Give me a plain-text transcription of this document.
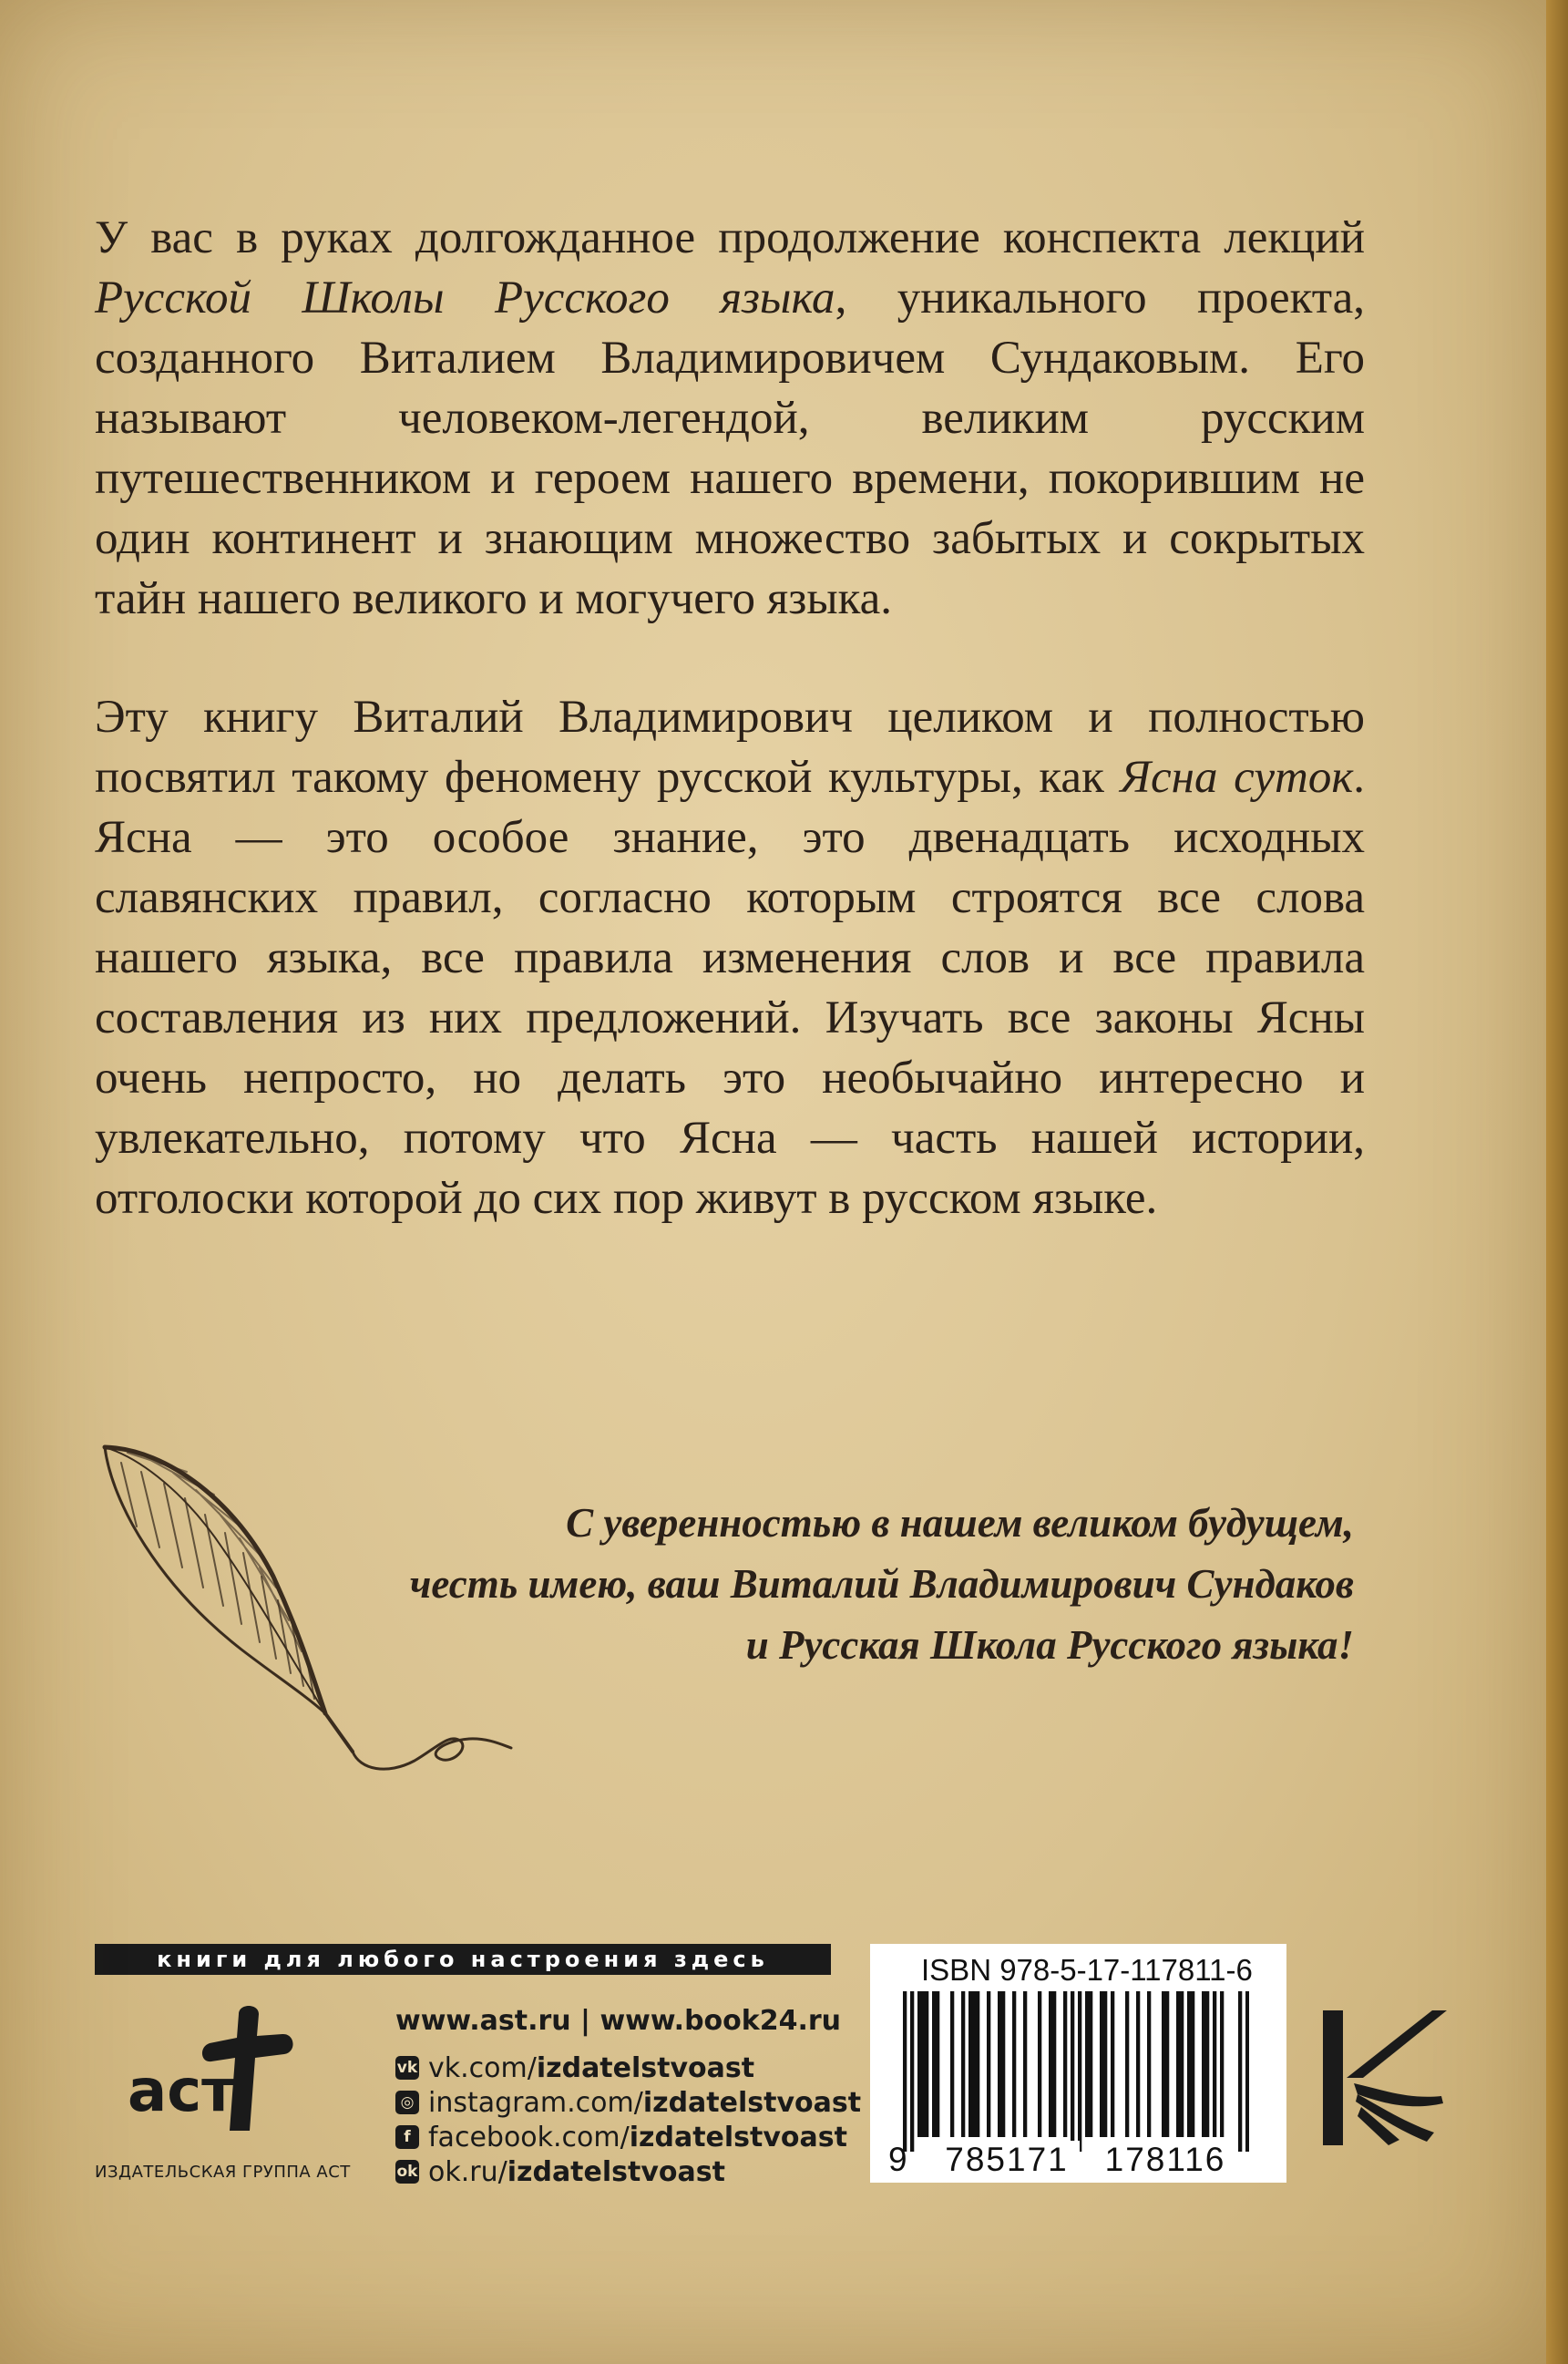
У вас в руках долгожданное продолжение конспекта лекций Русской Школы Русского языка, уникального проекта, созданного Виталием Владимировичем Сундаковым. Его называют человеком-легендой, великим русским путешественником и героем нашего времени, покорившим не один континент и знающим множество забытых и сокрытых тайн нашего великого и могучего языка.

Эту книгу Виталий Владимирович целиком и полностью посвятил такому феномену русской культуры, как Ясна суток. Ясна — это особое знание, это двенадцать исходных славянских правил, согласно которым строятся все слова нашего языка, все правила изменения слов и все правила составления из них предложений. Изучать все законы Ясны очень непросто, но делать это необычайно интересно и увлекательно, потому что Ясна — часть нашей истории, отголоски которой до сих пор живут в русском языке.

С уверенностью в нашем великом будущем,
честь имею, ваш Виталий Владимирович Сундаков
и Русская Школа Русского языка!

книги для любого настроения здесь
аст
ИЗДАТЕЛЬСКАЯ ГРУППА АСТ
www.ast.ru | www.book24.ru
vk vk.com/ izdatelstvoast
◎ instagram.com/ izdatelstvoast
f facebook.com/ izdatelstvoast
ok ok.ru/ izdatelstvoast
ISBN 978-5-17-117811-6
9	785171	178116
